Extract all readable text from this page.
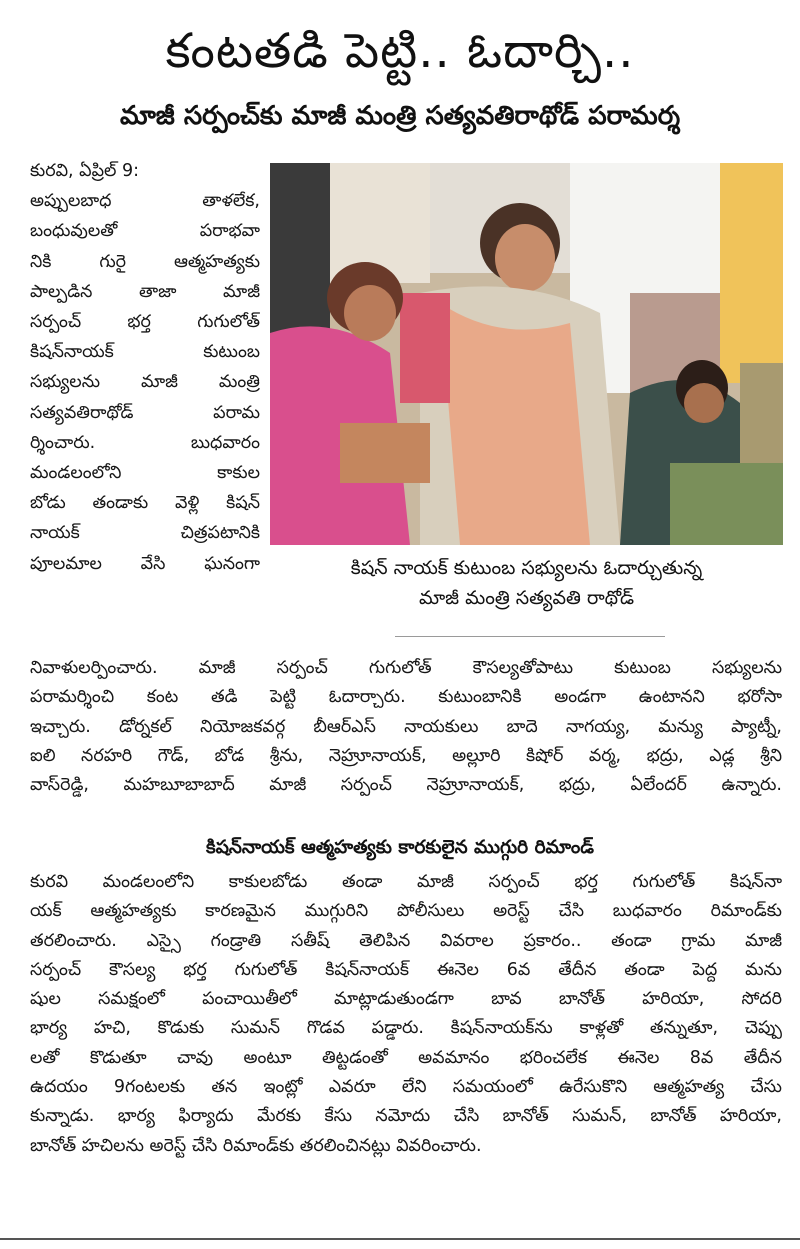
కంటతడి పెట్టి.. ఓదార్చి..
మాజీ సర్పంచ్‌కు మాజీ మంత్రి సత్యవతిరాథోడ్ పరామర్శ
కురవి, ఏప్రిల్ 9:
అప్పులబాధ తాళలేక,
బంధువులతో పరాభవా
నికి గురై ఆత్మహత్యకు
పాల్పడిన తాజా మాజీ
సర్పంచ్ భర్త గుగులోత్
కిషన్‌నాయక్ కుటుంబ
సభ్యులను మాజీ మంత్రి
సత్యవతిరాథోడ్ పరామ
ర్శించారు. బుధవారం
మండలంలోని కాకుల
బోడు తండాకు వెళ్లి కిషన్
నాయక్ చిత్రపటానికి
పూలమాల వేసి ఘనంగా	కిషన్ నాయక్ కుటుంబ సభ్యులను ఓదార్చుతున్న
మాజీ మంత్రి సత్యవతి రాథోడ్
నివాళులర్పించారు. మాజీ సర్పంచ్ గుగులోత్ కౌసల్యతోపాటు కుటుంబ సభ్యులను
పరామర్శించి కంట తడి పెట్టి ఓదార్చారు. కుటుంబానికి అండగా ఉంటానని భరోసా
ఇచ్చారు. డోర్నకల్ నియోజకవర్గ బీఆర్ఎస్ నాయకులు బాదె నాగయ్య, మన్యు ప్యాట్నీ,
ఐలి నరహరి గౌడ్, బోడ శ్రీను, నెహ్రూనాయక్, అల్లూరి కిషోర్ వర్మ, భద్రు, ఎడ్ల శ్రీని
వాస్‌రెడ్డి, మహబూబాబాద్ మాజీ సర్పంచ్ నెహ్రూనాయక్, భద్రు, ఏలేందర్ ఉన్నారు.
కిషన్‌నాయక్ ఆత్మహత్యకు కారకులైన ముగ్గురి రిమాండ్
కురవి మండలంలోని కాకులబోడు తండా మాజీ సర్పంచ్ భర్త గుగులోత్ కిషన్‌నా
యక్ ఆత్మహత్యకు కారణమైన ముగ్గురిని పోలీసులు అరెస్ట్ చేసి బుధవారం రిమాండ్‌కు
తరలించారు. ఎస్సై గండ్రాతి సతీష్ తెలిపిన వివరాల ప్రకారం.. తండా గ్రామ మాజీ
సర్పంచ్ కౌసల్య భర్త గుగులోత్ కిషన్‌నాయక్ ఈనెల 6వ తేదీన తండా పెద్ద మను
షుల సమక్షంలో పంచాయితీలో మాట్లాడుతుండగా బావ బానోత్ హరియా, సోదరి
భార్య హచి, కొడుకు సుమన్ గొడవ పడ్డారు. కిషన్‌నాయక్‌ను కాళ్లతో తన్నుతూ, చెప్పు
లతో కొడుతూ చావు అంటూ తిట్టడంతో అవమానం భరించలేక ఈనెల 8వ తేదీన
ఉదయం 9గంటలకు తన ఇంట్లో ఎవరూ లేని సమయంలో ఉరేసుకొని ఆత్మహత్య చేసు
కున్నాడు. భార్య ఫిర్యాదు మేరకు కేసు నమోదు చేసి బానోత్ సుమన్, బానోత్ హరియా,
బానోత్ హచిలను అరెస్ట్ చేసి రిమాండ్‌కు తరలించినట్లు వివరించారు.
